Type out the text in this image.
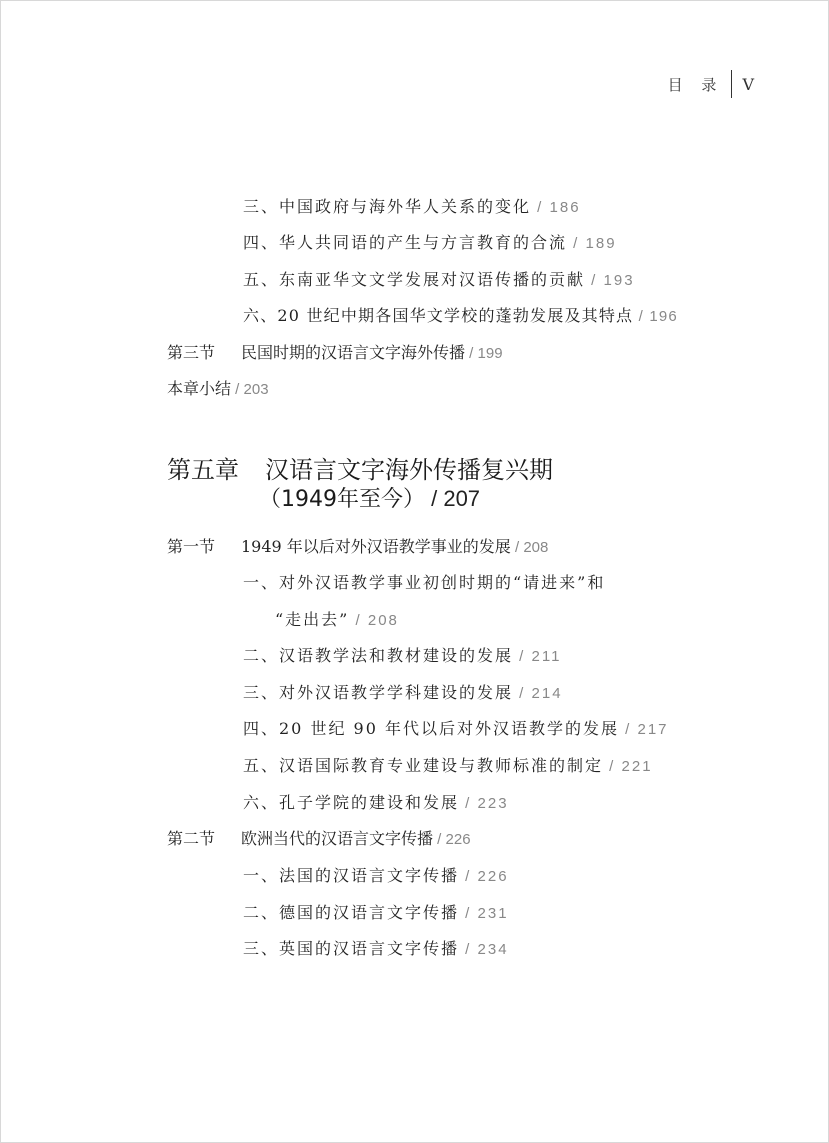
目 录	V
三、中国政府与海外华人关系的变化 / 186
四、华人共同语的产生与方言教育的合流 / 189
五、东南亚华文文学发展对汉语传播的贡献 / 193
六、20 世纪中期各国华文学校的蓬勃发展及其特点 / 196
第三节 民国时期的汉语言文字海外传播 / 199
本章小结 / 203
第五章 汉语言文字海外传播复兴期
（1949年至今） / 207
第一节 1949 年以后对外汉语教学事业的发展 / 208
一、对外汉语教学事业初创时期的“请进来”和
“走出去” / 208
二、汉语教学法和教材建设的发展 / 211
三、对外汉语教学学科建设的发展 / 214
四、20 世纪 90 年代以后对外汉语教学的发展 / 217
五、汉语国际教育专业建设与教师标准的制定 / 221
六、孔子学院的建设和发展 / 223
第二节 欧洲当代的汉语言文字传播 / 226
一、法国的汉语言文字传播 / 226
二、德国的汉语言文字传播 / 231
三、英国的汉语言文字传播 / 234
